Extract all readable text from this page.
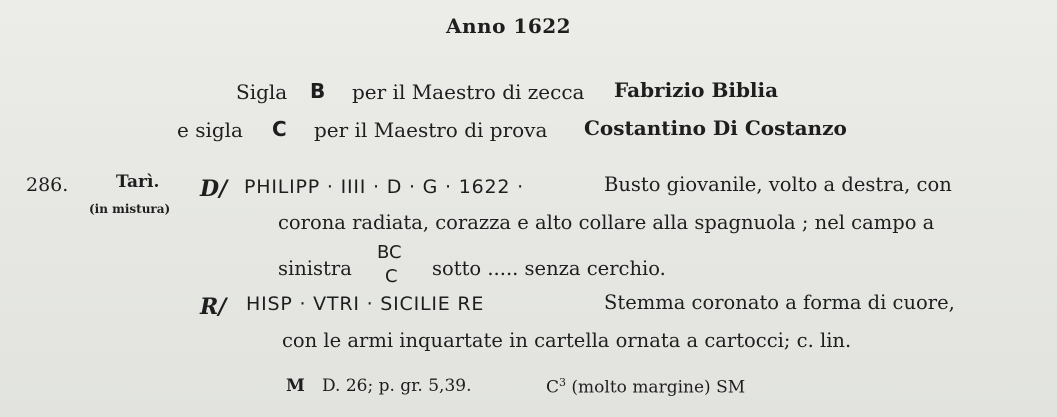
Anno 1622
Sigla B per il Maestro di zecca Fabrizio Biblia
e sigla C per il Maestro di prova Costantino Di Costanzo
286.	Tarì.
(in mistura)
D/ PHILIPP · IIII · D · G · 1622 ·	Busto giovanile, volto a destra, con
corona radiata, corazza e alto collare alla spagnuola ; nel campo a
sinistra
BC
C sotto ..... senza cerchio.
R/ HISP · VTRI · SICILIE RE	Stemma coronato a forma di cuore,
con le armi inquartate in cartella ornata a cartocci; c. lin.
M D. 26; p. gr. 5,39.	$C^3$ (molto margine) SM
